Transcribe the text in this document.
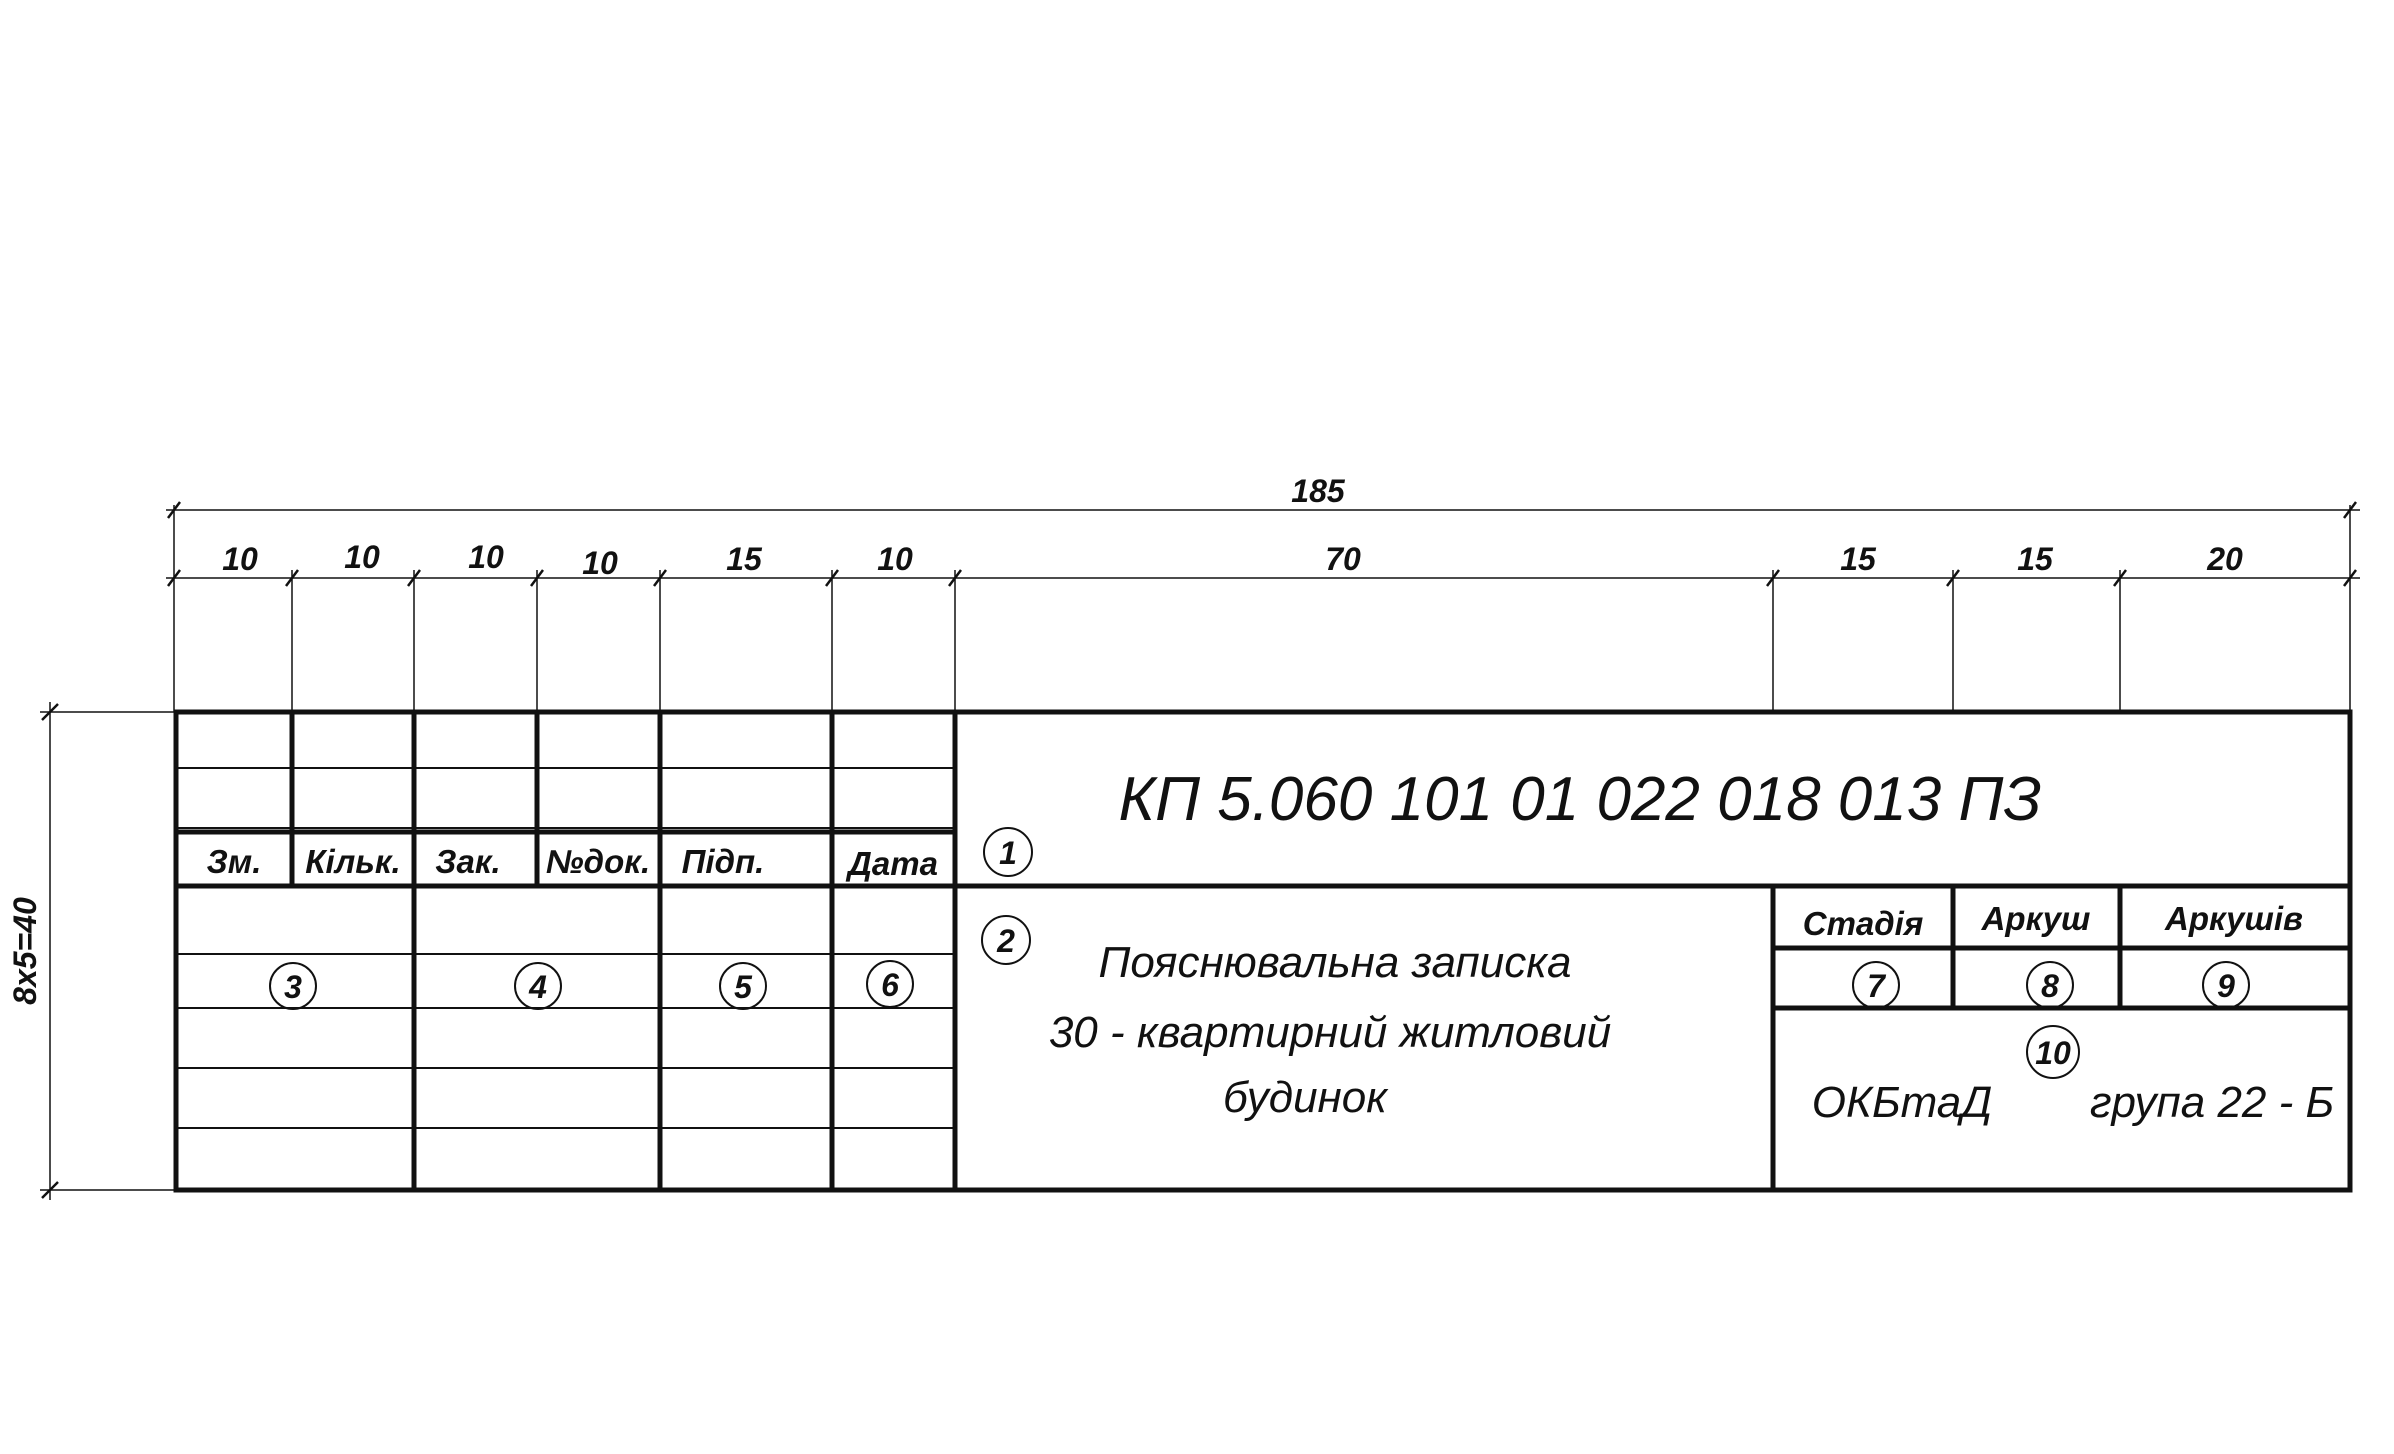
185
10	10	10 10	15	10	70	15	15	20
8x5=40
Зм. Кільк. Зак. №док. Підп.	Дата
Стадія Аркуш Аркушів
КП 5.060 101 01 022 018 013 ПЗ
Пояснювальна записка
30 - квартирний житловий
будинок	ОКБтаД група 22 - Б
1
2
3	4	5	6	7	8	9
10
